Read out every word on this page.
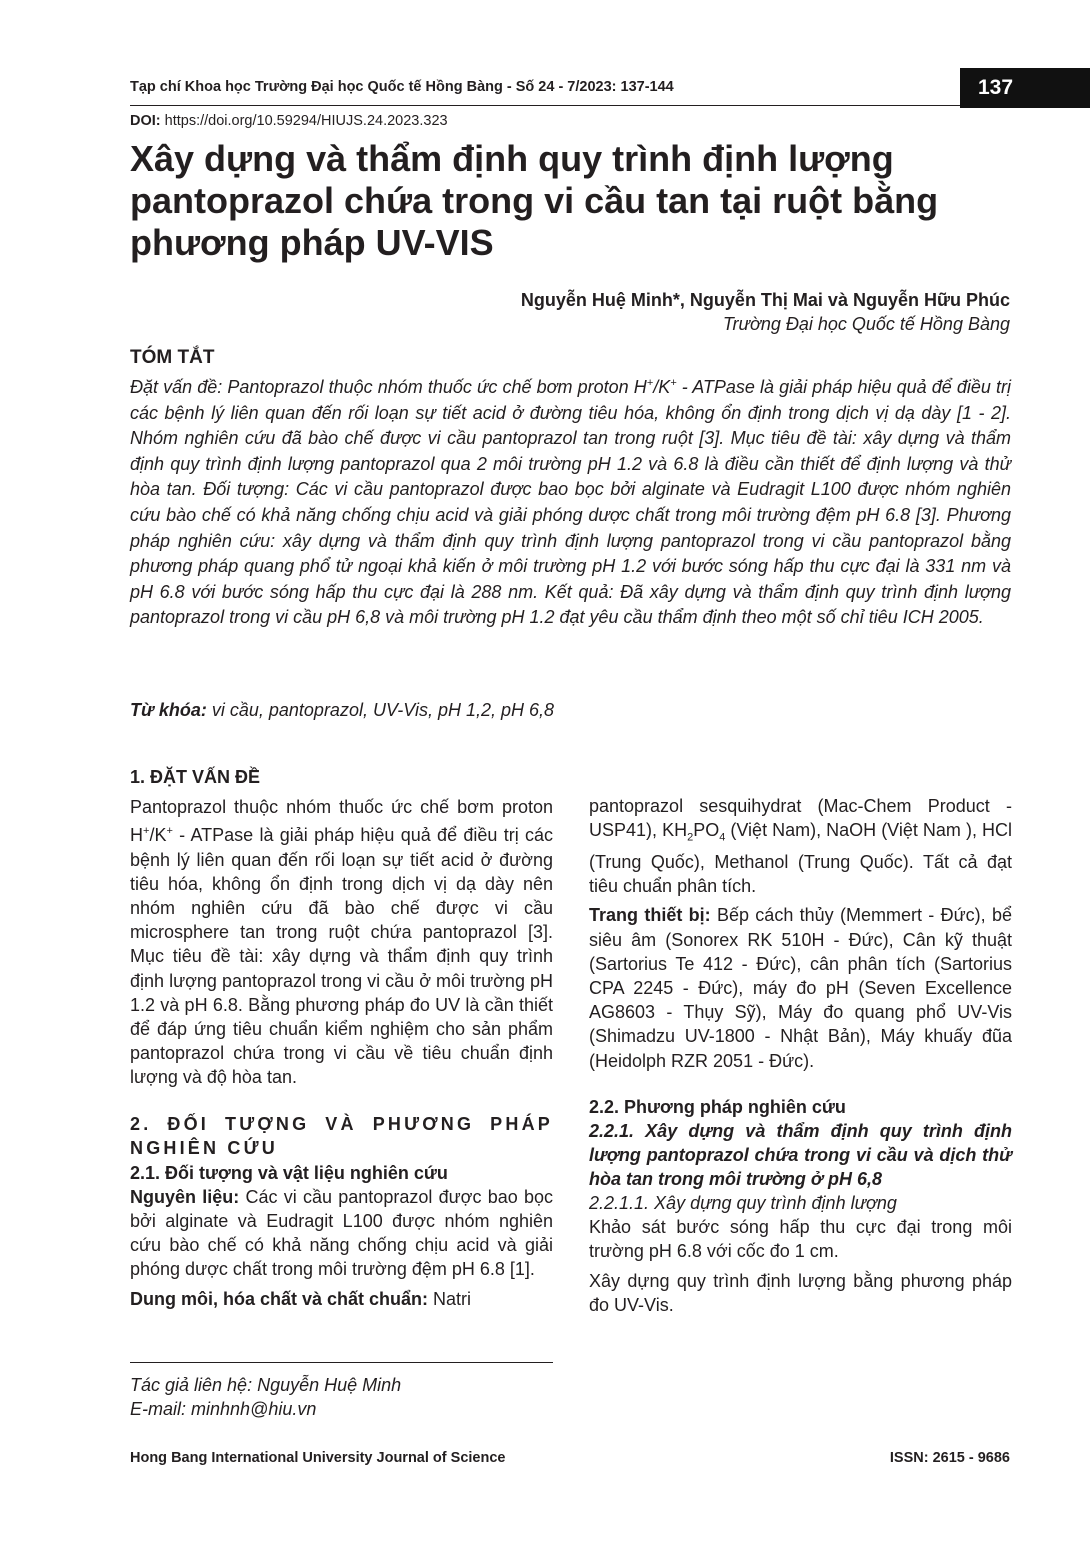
Tạp chí Khoa học Trường Đại học Quốc tế Hồng Bàng - Số 24 - 7/2023: 137-144	137
DOI: https://doi.org/10.59294/HIUJS.24.2023.323
Xây dựng và thẩm định quy trình định lượng pantoprazol chứa trong vi cầu tan tại ruột bằng phương pháp UV-VIS
Nguyễn Huệ Minh*, Nguyễn Thị Mai và Nguyễn Hữu Phúc
Trường Đại học Quốc tế Hồng Bàng
TÓM TẮT
Đặt vấn đề: Pantoprazol thuộc nhóm thuốc ức chế bơm proton H+/K+ - ATPase là giải pháp hiệu quả để điều trị các bệnh lý liên quan đến rối loạn sự tiết acid ở đường tiêu hóa, không ổn định trong dịch vị dạ dày [1 - 2]. Nhóm nghiên cứu đã bào chế được vi cầu pantoprazol tan trong ruột [3]. Mục tiêu đề tài: xây dựng và thẩm định quy trình định lượng pantoprazol qua 2 môi trường pH 1.2 và 6.8 là điều cần thiết để định lượng và thử hòa tan. Đối tượng: Các vi cầu pantoprazol được bao bọc bởi alginate và Eudragit L100 được nhóm nghiên cứu bào chế có khả năng chống chịu acid và giải phóng dược chất trong môi trường đệm pH 6.8 [3]. Phương pháp nghiên cứu: xây dựng và thẩm định quy trình định lượng pantoprazol trong vi cầu pantoprazol bằng phương pháp quang phổ tử ngoại khả kiến ở môi trường pH 1.2 với bước sóng hấp thu cực đại là 331 nm và pH 6.8 với bước sóng hấp thu cực đại là 288 nm. Kết quả: Đã xây dựng và thẩm định quy trình định lượng pantoprazol trong vi cầu pH 6,8 và môi trường pH 1.2 đạt yêu cầu thẩm định theo một số chỉ tiêu ICH 2005.
Từ khóa: vi cầu, pantoprazol, UV-Vis, pH 1,2, pH 6,8
1. ĐẶT VẤN ĐỀ

Pantoprazol thuộc nhóm thuốc ức chế bơm proton H+/K+ - ATPase là giải pháp hiệu quả để điều trị các bệnh lý liên quan đến rối loạn sự tiết acid ở đường tiêu hóa, không ổn định trong dịch vị dạ dày nên nhóm nghiên cứu đã bào chế được vi cầu microsphere tan trong ruột chứa pantoprazol [3]. Mục tiêu đề tài: xây dựng và thẩm định quy trình định lượng pantoprazol trong vi cầu ở môi trường pH 1.2 và pH 6.8. Bằng phương pháp đo UV là cần thiết để đáp ứng tiêu chuẩn kiểm nghiệm cho sản phẩm pantoprazol chứa trong vi cầu về tiêu chuẩn định lượng và độ hòa tan.

2. ĐỐI TƯỢNG VÀ PHƯƠNG PHÁP NGHIÊN CỨU
2.1. Đối tượng và vật liệu nghiên cứu

Nguyên liệu: Các vi cầu pantoprazol được bao bọc bởi alginate và Eudragit L100 được nhóm nghiên cứu bào chế có khả năng chống chịu acid và giải phóng dược chất trong môi trường đệm pH 6.8 [1].

Dung môi, hóa chất và chất chuẩn: Natri

pantoprazol sesquihydrat (Mac-Chem Product - USP41), $KH_2PO_4$ (Việt Nam), NaOH (Việt Nam ), HCl (Trung Quốc), Methanol (Trung Quốc). Tất cả đạt tiêu chuẩn phân tích.

Trang thiết bị: Bếp cách thủy (Memmert - Đức), bể siêu âm (Sonorex RK 510H - Đức), Cân kỹ thuật (Sartorius Te 412 - Đức), cân phân tích (Sartorius CPA 2245 - Đức), máy đo pH (Seven Excellence AG8603 - Thụy Sỹ), Máy đo quang phổ UV-Vis (Shimadzu UV-1800 - Nhật Bản), Máy khuấy đũa (Heidolph RZR 2051 - Đức).

2.2. Phương pháp nghiên cứu
2.2.1. Xây dựng và thẩm định quy trình định lượng pantoprazol chứa trong vi cầu và dịch thử hòa tan trong môi trường ở pH 6,8
2.2.1.1. Xây dựng quy trình định lượng

Khảo sát bước sóng hấp thu cực đại trong môi trường pH 6.8 với cốc đo 1 cm.

Xây dựng quy trình định lượng bằng phương pháp đo UV-Vis.

Tác giả liên hệ: Nguyễn Huệ Minh
E-mail: minhnh@hiu.vn
Hong Bang International University Journal of Science	ISSN: 2615 - 9686
